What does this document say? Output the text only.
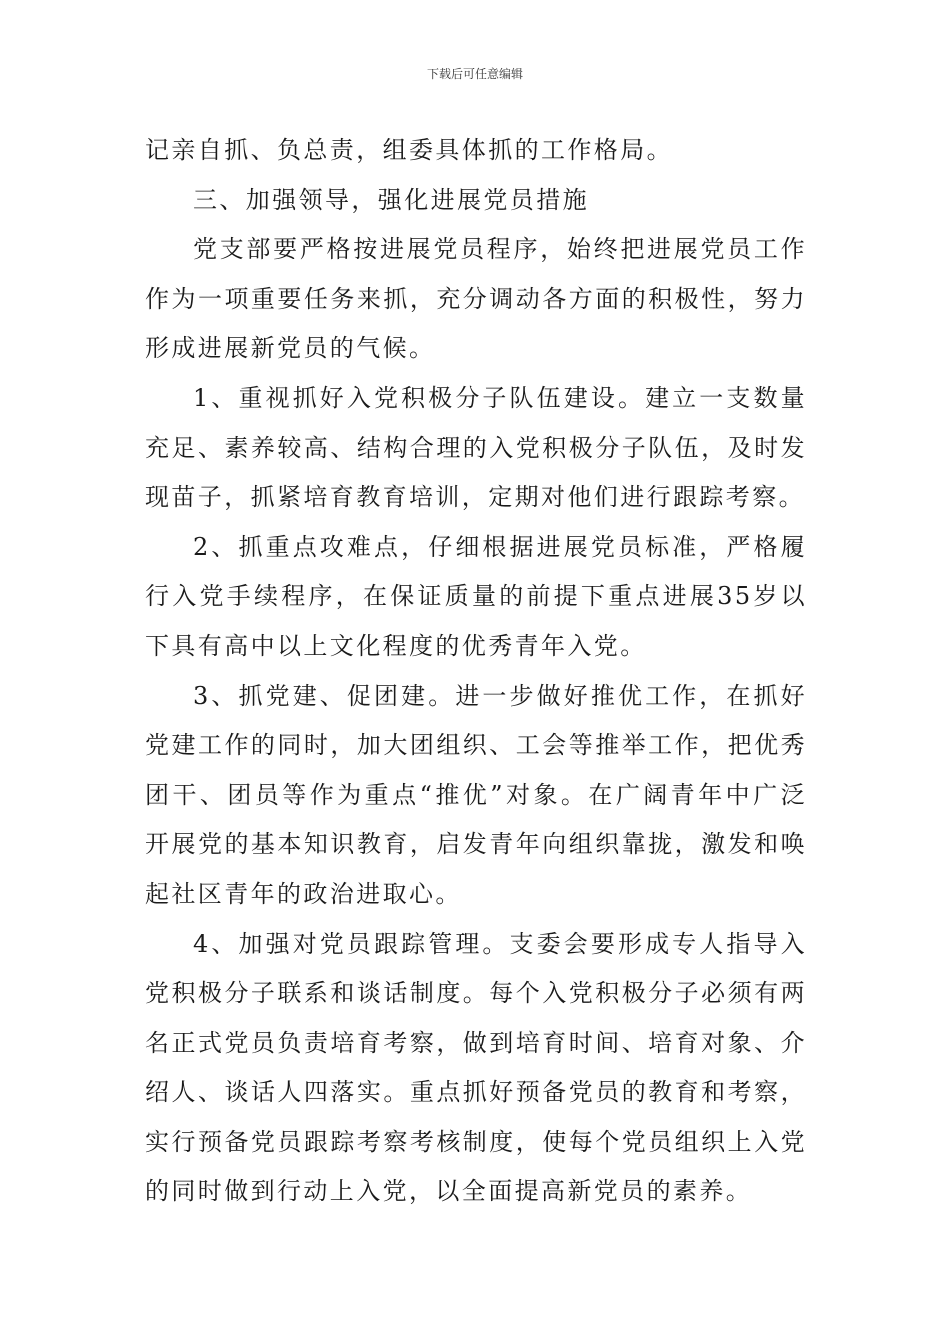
下载后可任意编辑

记亲自抓、负总责，组委具体抓的工作格局。

三、加强领导，强化进展党员措施

党支部要严格按进展党员程序，始终把进展党员工作作为一项重要任务来抓，充分调动各方面的积极性，努力形成进展新党员的气候。

1、重视抓好入党积极分子队伍建设。建立一支数量充足、素养较高、结构合理的入党积极分子队伍，及时发现苗子，抓紧培育教育培训，定期对他们进行跟踪考察。

2、抓重点攻难点，仔细根据进展党员标准，严格履行入党手续程序，在保证质量的前提下重点进展35岁以下具有高中以上文化程度的优秀青年入党。

3、抓党建、促团建。进一步做好推优工作，在抓好党建工作的同时，加大团组织、工会等推举工作，把优秀团干、团员等作为重点“推优”对象。在广阔青年中广泛开展党的基本知识教育，启发青年向组织靠拢，激发和唤起社区青年的政治进取心。

4、加强对党员跟踪管理。支委会要形成专人指导入党积极分子联系和谈话制度。每个入党积极分子必须有两名正式党员负责培育考察，做到培育时间、培育对象、介绍人、谈话人四落实。重点抓好预备党员的教育和考察，实行预备党员跟踪考察考核制度，使每个党员组织上入党的同时做到行动上入党，以全面提高新党员的素养。
